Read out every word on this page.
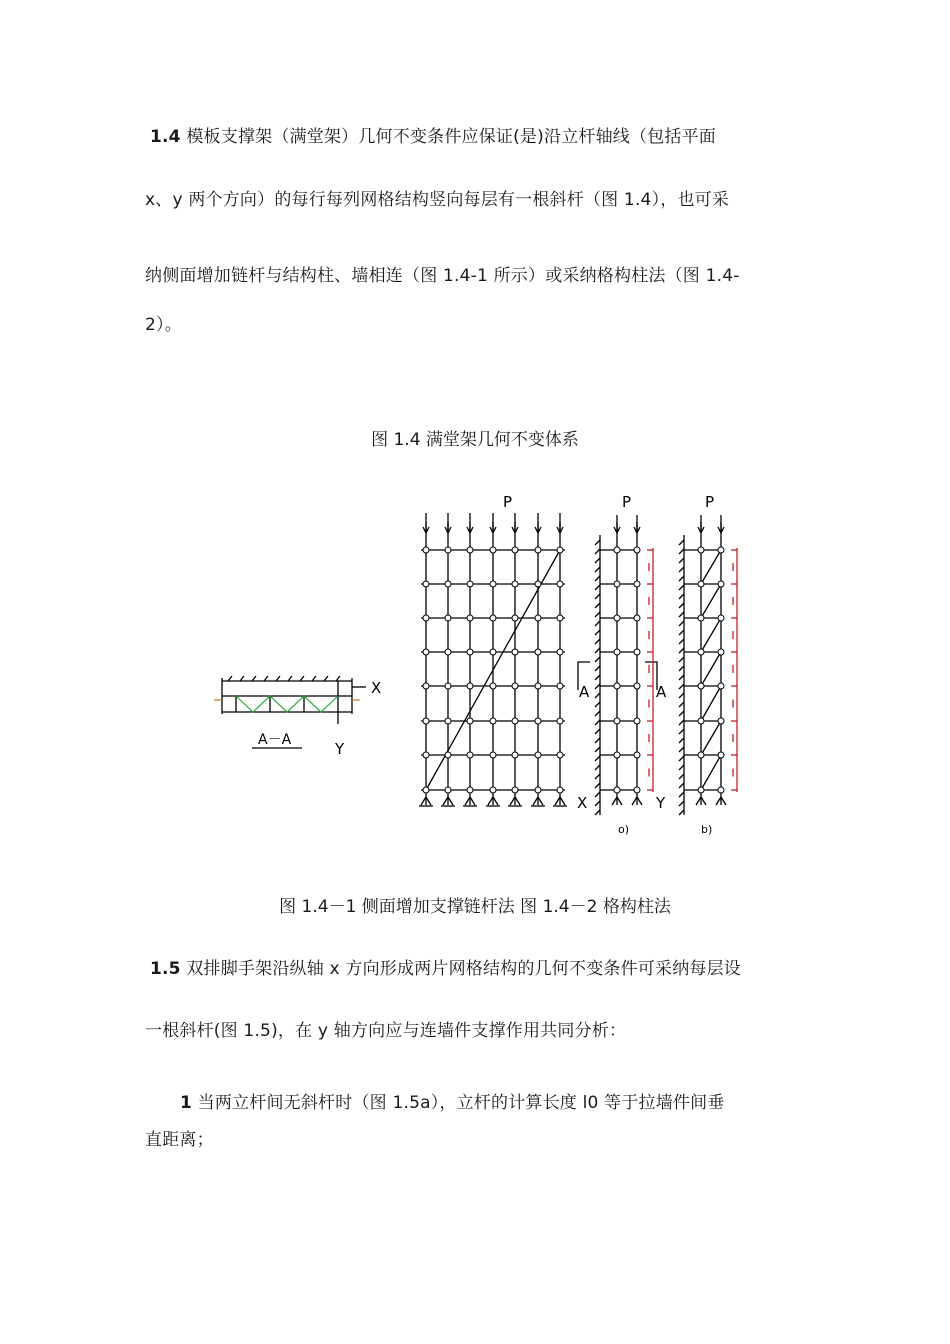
1.4 模板支撑架（满堂架）几何不变条件应保证(是)沿立杆轴线（包括平面
x、y 两个方向）的每行每列网格结构竖向每层有一根斜杆（图 1.4），也可采
纳侧面增加链杆与结构柱、墙相连（图 1.4-1 所示）或采纳格构柱法（图 1.4-
2）。
图 1.4 满堂架几何不变体系
X
Y
A－A
P	P	P
A	A
X	Y
o)	b)
图 1.4－1 侧面增加支撑链杆法 图 1.4－2 格构柱法
1.5 双排脚手架沿纵轴 x 方向形成两片网格结构的几何不变条件可采纳每层设
一根斜杆(图 1.5)，在 y 轴方向应与连墙件支撑作用共同分析：
1 当两立杆间无斜杆时（图 1.5a），立杆的计算长度 l0 等于拉墙件间垂
直距离；
